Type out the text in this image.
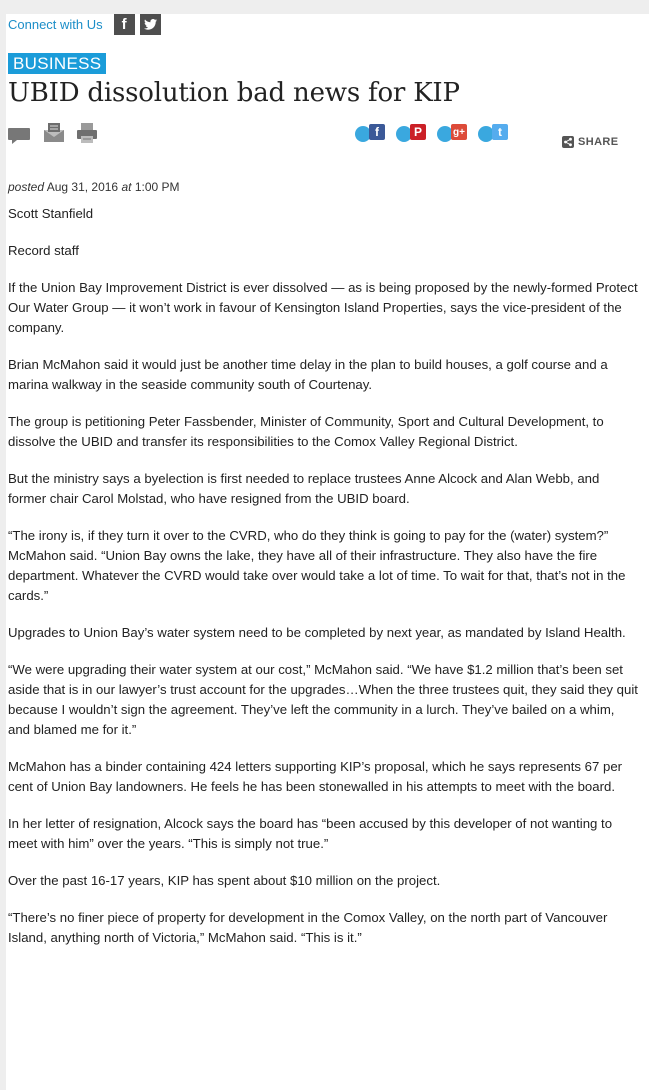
Connect with Us	f
BUSINESS
UBID dissolution bad news for KIP
f	P	g+	t
SHARE
posted Aug 31, 2016 at 1:00 PM

Scott Stanfield

Record staff

If the Union Bay Improvement District is ever dissolved — as is being proposed by the newly-formed Protect Our Water Group — it won’t work in favour of Kensington Island Properties, says the vice-president of the company.

Brian McMahon said it would just be another time delay in the plan to build houses, a golf course and a marina walkway in the seaside community south of Courtenay.

The group is petitioning Peter Fassbender, Minister of Community, Sport and Cultural Development, to dissolve the UBID and transfer its responsibilities to the Comox Valley Regional District.

But the ministry says a byelection is first needed to replace trustees Anne Alcock and Alan Webb, and former chair Carol Molstad, who have resigned from the UBID board.

“The irony is, if they turn it over to the CVRD, who do they think is going to pay for the (water) system?” McMahon said. “Union Bay owns the lake, they have all of their infrastructure. They also have the fire department. Whatever the CVRD would take over would take a lot of time. To wait for that, that’s not in the cards.”

Upgrades to Union Bay’s water system need to be completed by next year, as mandated by Island Health.

“We were upgrading their water system at our cost,” McMahon said. “We have $1.2 million that’s been set aside that is in our lawyer’s trust account for the upgrades…When the three trustees quit, they said they quit because I wouldn’t sign the agreement. They’ve left the community in a lurch. They’ve bailed on a whim, and blamed me for it.”

McMahon has a binder containing 424 letters supporting KIP’s proposal, which he says represents 67 per cent of Union Bay landowners. He feels he has been stonewalled in his attempts to meet with the board.

In her letter of resignation, Alcock says the board has “been accused by this developer of not wanting to meet with him” over the years. “This is simply not true.”

Over the past 16-17 years, KIP has spent about $10 million on the project.

“There’s no finer piece of property for development in the Comox Valley, on the north part of Vancouver Island, anything north of Victoria,” McMahon said. “This is it.”
